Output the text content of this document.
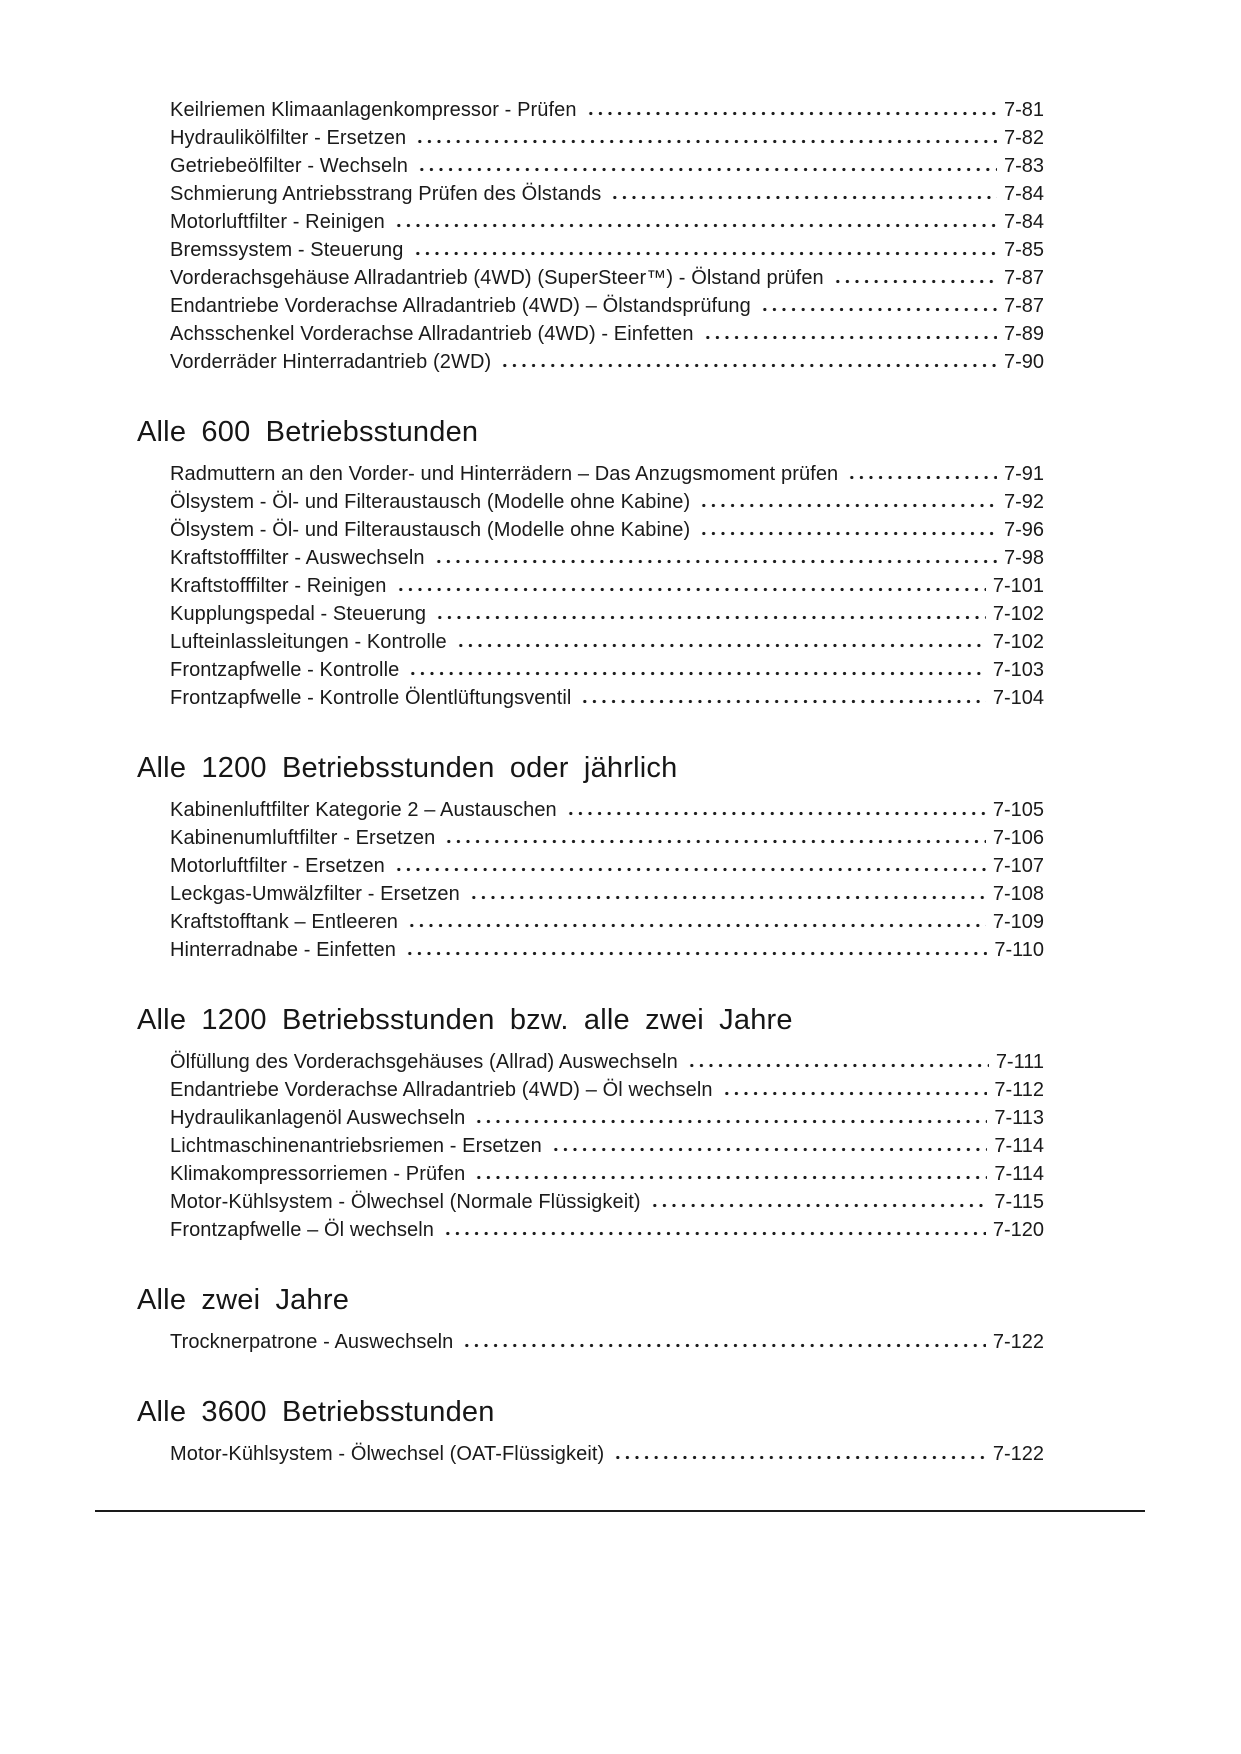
Keilriemen Klimaanlagenkompressor - Prüfen	7-81
Hydraulikölfilter - Ersetzen	7-82
Getriebeölfilter - Wechseln	7-83
Schmierung Antriebsstrang Prüfen des Ölstands	7-84
Motorluftfilter - Reinigen	7-84
Bremssystem - Steuerung	7-85
Vorderachsgehäuse Allradantrieb (4WD) (SuperSteer™) - Ölstand prüfen	7-87
Endantriebe Vorderachse Allradantrieb (4WD) – Ölstandsprüfung	7-87
Achsschenkel Vorderachse Allradantrieb (4WD) - Einfetten	7-89
Vorderräder Hinterradantrieb (2WD)	7-90
Alle 600 Betriebsstunden
Radmuttern an den Vorder- und Hinterrädern – Das Anzugsmoment prüfen	7-91
Ölsystem - Öl- und Filteraustausch (Modelle ohne Kabine)	7-92
Ölsystem - Öl- und Filteraustausch (Modelle ohne Kabine)	7-96
Kraftstofffilter - Auswechseln	7-98
Kraftstofffilter - Reinigen	7-101
Kupplungspedal - Steuerung	7-102
Lufteinlassleitungen - Kontrolle	7-102
Frontzapfwelle - Kontrolle	7-103
Frontzapfwelle - Kontrolle Ölentlüftungsventil	7-104
Alle 1200 Betriebsstunden oder jährlich
Kabinenluftfilter Kategorie 2 – Austauschen	7-105
Kabinenumluftfilter - Ersetzen	7-106
Motorluftfilter - Ersetzen	7-107
Leckgas-Umwälzfilter - Ersetzen	7-108
Kraftstofftank – Entleeren	7-109
Hinterradnabe - Einfetten	7-110
Alle 1200 Betriebsstunden bzw. alle zwei Jahre
Ölfüllung des Vorderachsgehäuses (Allrad) Auswechseln	7-111
Endantriebe Vorderachse Allradantrieb (4WD) – Öl wechseln	7-112
Hydraulikanlagenöl Auswechseln	7-113
Lichtmaschinenantriebsriemen - Ersetzen	7-114
Klimakompressorriemen - Prüfen	7-114
Motor-Kühlsystem - Ölwechsel (Normale Flüssigkeit)	7-115
Frontzapfwelle – Öl wechseln	7-120
Alle zwei Jahre
Trocknerpatrone - Auswechseln	7-122
Alle 3600 Betriebsstunden
Motor-Kühlsystem - Ölwechsel (OAT-Flüssigkeit)	7-122
